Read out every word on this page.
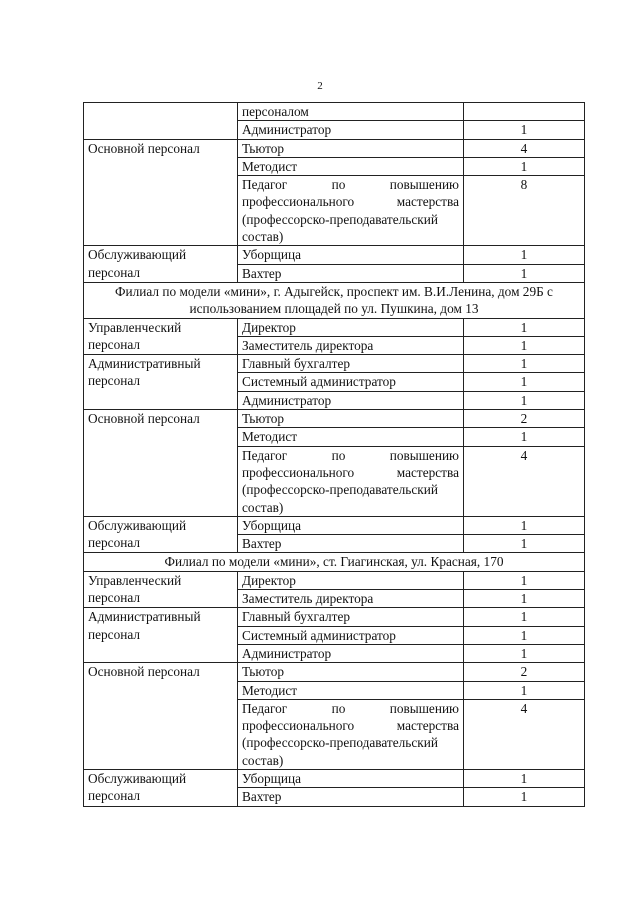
2
	персоналом	
	Администратор	1
Основной персонал	Тьютор	4
	Методист	1

	Педагог по повышению
профессионального мастерства
(профессорско-преподавательский
состав)	8

Обслуживающий
персонал	Уборщица	1
	Вахтер	1

Филиал по модели «мини», г. Адыгейск, проспект им. В.И.Ленина, дом 29Б с
использованием площадей по ул. Пушкина, дом 13		

Управленческий
персонал	Директор	1
	Заместитель директора	1

Административный
персонал	Главный бухгалтер	1
	Системный администратор	1
	Администратор	1
Основной персонал	Тьютор	2
	Методист	1

	Педагог по повышению
профессионального мастерства
(профессорско-преподавательский
состав)	4

Обслуживающий
персонал	Уборщица	1
	Вахтер	1
Филиал по модели «мини», ст. Гиагинская, ул. Красная, 170		

Управленческий
персонал	Директор	1
	Заместитель директора	1

Административный
персонал	Главный бухгалтер	1
	Системный администратор	1
	Администратор	1
Основной персонал	Тьютор	2
	Методист	1

	Педагог по повышению
профессионального мастерства
(профессорско-преподавательский
состав)	4

Обслуживающий
персонал	Уборщица	1
	Вахтер	1
